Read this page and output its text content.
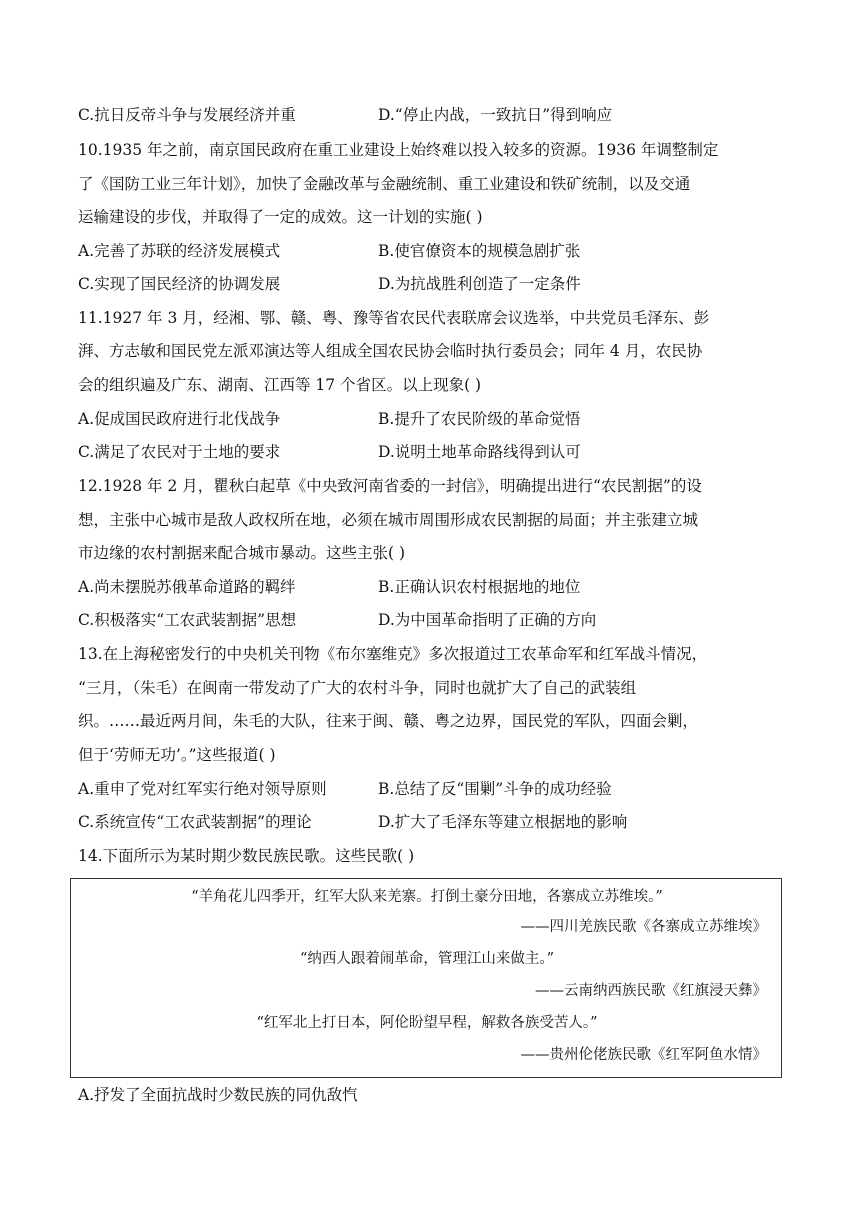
C.抗日反帝斗争与发展经济并重	D.“停止内战，一致抗日”得到响应
10.1935 年之前，南京国民政府在重工业建设上始终难以投入较多的资源。1936 年调整制定
了《国防工业三年计划》，加快了金融改革与金融统制、重工业建设和铁矿统制，以及交通
运输建设的步伐，并取得了一定的成效。这一计划的实施( )
A.完善了苏联的经济发展模式	B.使官僚资本的规模急剧扩张
C.实现了国民经济的协调发展	D.为抗战胜利创造了一定条件
11.1927 年 3 月，经湘、鄂、赣、粤、豫等省农民代表联席会议选举，中共党员毛泽东、彭
湃、方志敏和国民党左派邓演达等人组成全国农民协会临时执行委员会；同年 4 月，农民协
会的组织遍及广东、湖南、江西等 17 个省区。以上现象( )
A.促成国民政府进行北伐战争	B.提升了农民阶级的革命觉悟
C.满足了农民对于土地的要求	D.说明土地革命路线得到认可
12.1928 年 2 月，瞿秋白起草《中央致河南省委的一封信》，明确提出进行“农民割据”的设
想，主张中心城市是敌人政权所在地，必须在城市周围形成农民割据的局面；并主张建立城
市边缘的农村割据来配合城市暴动。这些主张( )
A.尚未摆脱苏俄革命道路的羁绊	B.正确认识农村根据地的地位
C.积极落实“工农武装割据”思想	D.为中国革命指明了正确的方向
13.在上海秘密发行的中央机关刊物《布尔塞维克》多次报道过工农革命军和红军战斗情况，
“三月，（朱毛）在闽南一带发动了广大的农村斗争，同时也就扩大了自己的武装组
织。……最近两月间，朱毛的大队，往来于闽、赣、粤之边界，国民党的军队，四面会剿，
但于‘劳师无功’。”这些报道( )
A.重申了党对红军实行绝对领导原则	B.总结了反“围剿”斗争的成功经验
C.系统宣传“工农武装割据”的理论	D.扩大了毛泽东等建立根据地的影响
14.下面所示为某时期少数民族民歌。这些民歌( )
“羊角花儿四季开，红军大队来羌寨。打倒土豪分田地，各寨成立苏维埃。”
——四川羌族民歌《各寨成立苏维埃》
“纳西人跟着闹革命，管理江山来做主。”
——云南纳西族民歌《红旗浸天彝》
“红军北上打日本，阿伦盼望早程，解救各族受苦人。”
——贵州伦佬族民歌《红军阿鱼水情》
A.抒发了全面抗战时少数民族的同仇敌忾
